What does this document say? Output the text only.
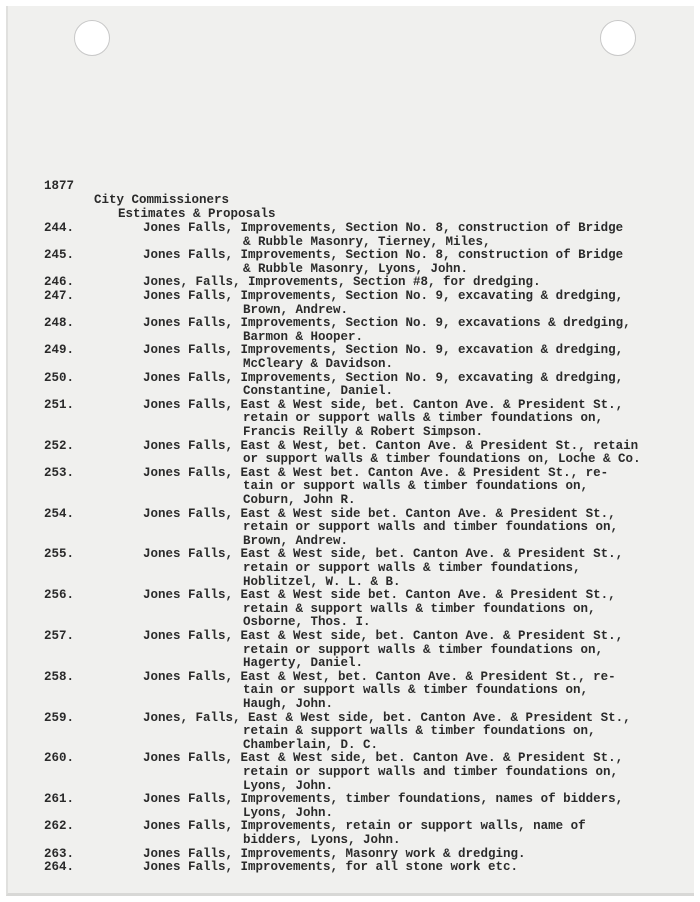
1877
City Commissioners
Estimates & Proposals
244.	Jones Falls, Improvements, Section No. 8, construction of Bridge
& Rubble Masonry, Tierney, Miles,
245.	Jones Falls, Improvements, Section No. 8, construction of Bridge
& Rubble Masonry, Lyons, John.
246.	Jones, Falls, Improvements, Section #8, for dredging.
247.	Jones Falls, Improvements, Section No. 9, excavating & dredging,
Brown, Andrew.
248.	Jones Falls, Improvements, Section No. 9, excavations & dredging,
Barmon & Hooper.
249.	Jones Falls, Improvements, Section No. 9, excavation & dredging,
McCleary & Davidson.
250.	Jones Falls, Improvements, Section No. 9, excavating & dredging,
Constantine, Daniel.
251.	Jones Falls, East & West side, bet. Canton Ave. & President St.,
retain or support walls & timber foundations on,
Francis Reilly & Robert Simpson.
252.	Jones Falls, East & West, bet. Canton Ave. & President St., retain
or support walls & timber foundations on, Loche & Co.
253.	Jones Falls, East & West bet. Canton Ave. & President St., re-
tain or support walls & timber foundations on,
Coburn, John R.
254.	Jones Falls, East & West side bet. Canton Ave. & President St.,
retain or support walls and timber foundations on,
Brown, Andrew.
255.	Jones Falls, East & West side, bet. Canton Ave. & President St.,
retain or support walls & timber foundations,
Hoblitzel, W. L. & B.
256.	Jones Falls, East & West side bet. Canton Ave. & President St.,
retain & support walls & timber foundations on,
Osborne, Thos. I.
257.	Jones Falls, East & West side, bet. Canton Ave. & President St.,
retain or support walls & timber foundations on,
Hagerty, Daniel.
258.	Jones Falls, East & West, bet. Canton Ave. & President St., re-
tain or support walls & timber foundations on,
Haugh, John.
259.	Jones, Falls, East & West side, bet. Canton Ave. & President St.,
retain & support walls & timber foundations on,
Chamberlain, D. C.
260.	Jones Falls, East & West side, bet. Canton Ave. & President St.,
retain or support walls and timber foundations on,
Lyons, John.
261.	Jones Falls, Improvements, timber foundations, names of bidders,
Lyons, John.
262.	Jones Falls, Improvements, retain or support walls, name of
bidders, Lyons, John.
263.	Jones Falls, Improvements, Masonry work & dredging.
264.	Jones Falls, Improvements, for all stone work etc.
